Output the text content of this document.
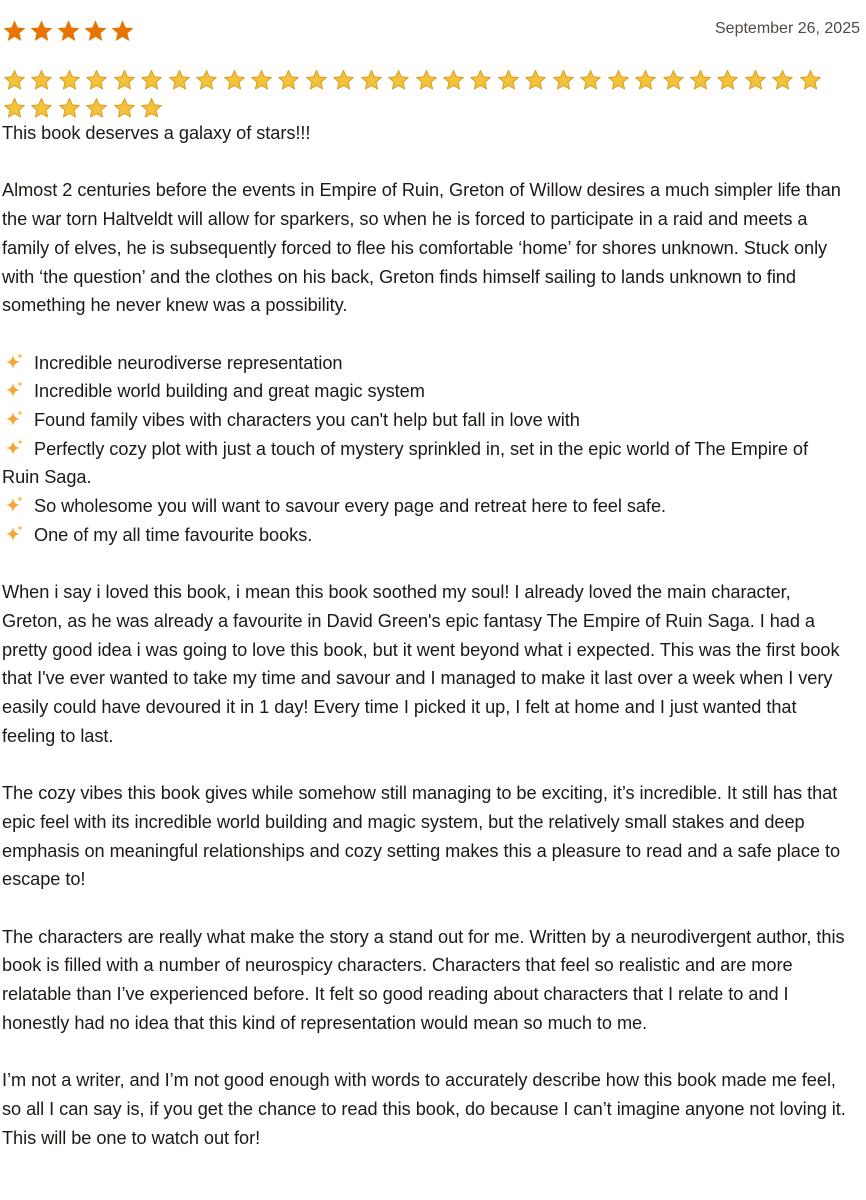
September 26, 2025

This book deserves a galaxy of stars!!!

Almost 2 centuries before the events in Empire of Ruin, Greton of Willow desires a much simpler life than the war torn Haltveldt will allow for sparkers, so when he is forced to participate in a raid and meets a family of elves, he is subsequently forced to flee his comfortable ‘home’ for shores unknown. Stuck only with ‘the question’ and the clothes on his back, Greton finds himself sailing to lands unknown to find something he never knew was a possibility.

Incredible neurodiverse representation
Incredible world building and great magic system
Found family vibes with characters you can't help but fall in love with
Perfectly cozy plot with just a touch of mystery sprinkled in, set in the epic world of The Empire of Ruin Saga.
So wholesome you will want to savour every page and retreat here to feel safe.
One of my all time favourite books.

When i say i loved this book, i mean this book soothed my soul! I already loved the main character, Greton, as he was already a favourite in David Green's epic fantasy The Empire of Ruin Saga. I had a pretty good idea i was going to love this book, but it went beyond what i expected. This was the first book that I've ever wanted to take my time and savour and I managed to make it last over a week when I very easily could have devoured it in 1 day! Every time I picked it up, I felt at home and I just wanted that feeling to last.

The cozy vibes this book gives while somehow still managing to be exciting, it’s incredible. It still has that epic feel with its incredible world building and magic system, but the relatively small stakes and deep emphasis on meaningful relationships and cozy setting makes this a pleasure to read and a safe place to escape to!

The characters are really what make the story a stand out for me. Written by a neurodivergent author, this book is filled with a number of neurospicy characters. Characters that feel so realistic and are more relatable than I’ve experienced before. It felt so good reading about characters that I relate to and I honestly had no idea that this kind of representation would mean so much to me.

I’m not a writer, and I’m not good enough with words to accurately describe how this book made me feel, so all I can say is, if you get the chance to read this book, do because I can’t imagine anyone not loving it. This will be one to watch out for!
